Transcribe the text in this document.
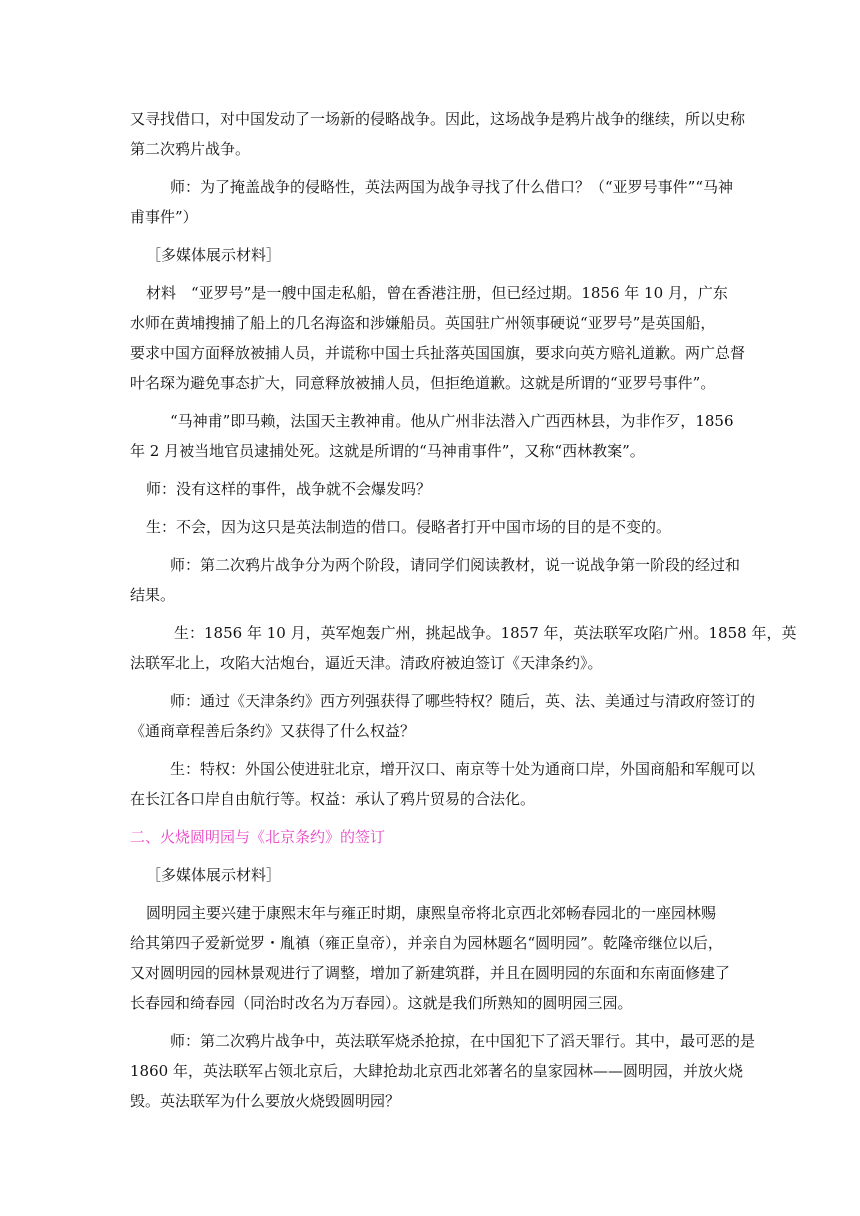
又寻找借口，对中国发动了一场新的侵略战争。因此，这场战争是鸦片战争的继续，所以史称
第二次鸦片战争。
师：为了掩盖战争的侵略性，英法两国为战争寻找了什么借口？（“亚罗号事件”“马神
甫事件”）
［多媒体展示材料］
材料　“亚罗号”是一艘中国走私船，曾在香港注册，但已经过期。1856 年 10 月，广东
水师在黄埔搜捕了船上的几名海盗和涉嫌船员。英国驻广州领事硬说“亚罗号”是英国船，
要求中国方面释放被捕人员，并谎称中国士兵扯落英国国旗，要求向英方赔礼道歉。两广总督
叶名琛为避免事态扩大，同意释放被捕人员，但拒绝道歉。这就是所谓的“亚罗号事件”。
“马神甫”即马赖，法国天主教神甫。他从广州非法潜入广西西林县，为非作歹，1856
年 2 月被当地官员逮捕处死。这就是所谓的“马神甫事件”，又称“西林教案”。
师：没有这样的事件，战争就不会爆发吗？
生：不会，因为这只是英法制造的借口。侵略者打开中国市场的目的是不变的。
师：第二次鸦片战争分为两个阶段，请同学们阅读教材，说一说战争第一阶段的经过和
结果。
生：1856 年 10 月，英军炮轰广州，挑起战争。1857 年，英法联军攻陷广州。1858 年，英
法联军北上，攻陷大沽炮台，逼近天津。清政府被迫签订《天津条约》。
师：通过《天津条约》西方列强获得了哪些特权？随后，英、法、美通过与清政府签订的
《通商章程善后条约》又获得了什么权益？
生：特权：外国公使进驻北京，增开汉口、南京等十处为通商口岸，外国商船和军舰可以
在长江各口岸自由航行等。权益：承认了鸦片贸易的合法化。
二、火烧圆明园与《北京条约》的签订
［多媒体展示材料］
圆明园主要兴建于康熙末年与雍正时期，康熙皇帝将北京西北郊畅春园北的一座园林赐
给其第四子爱新觉罗・胤禛（雍正皇帝），并亲自为园林题名“圆明园”。乾隆帝继位以后，
又对圆明园的园林景观进行了调整，增加了新建筑群，并且在圆明园的东面和东南面修建了
长春园和绮春园（同治时改名为万春园）。这就是我们所熟知的圆明园三园。
师：第二次鸦片战争中，英法联军烧杀抢掠，在中国犯下了滔天罪行。其中，最可恶的是
1860 年，英法联军占领北京后，大肆抢劫北京西北郊著名的皇家园林——圆明园，并放火烧
毁。英法联军为什么要放火烧毁圆明园？
